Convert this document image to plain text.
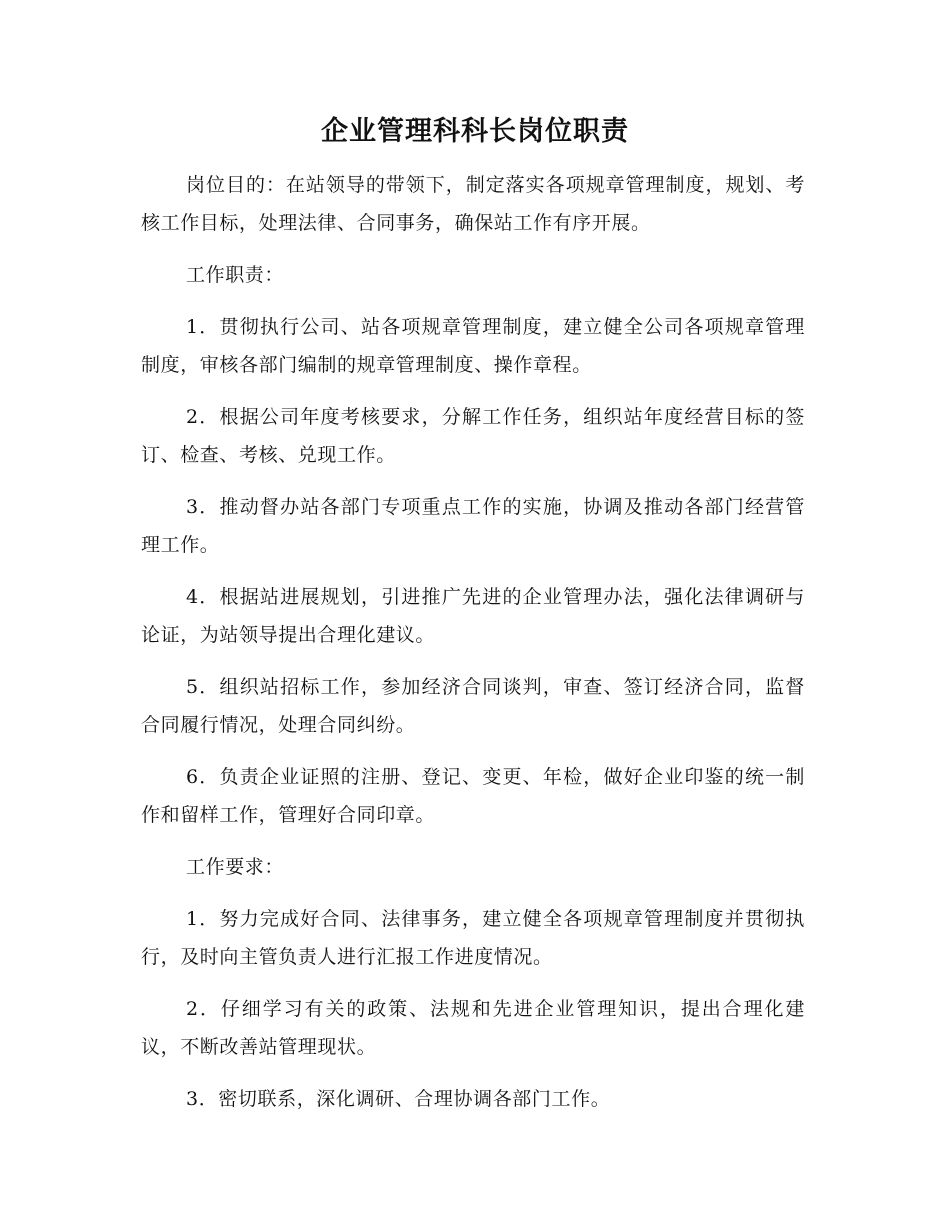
企业管理科科长岗位职责

岗位目的：在站领导的带领下，制定落实各项规章管理制度，规划、考核工作目标，处理法律、合同事务，确保站工作有序开展。

工作职责：

1．贯彻执行公司、站各项规章管理制度，建立健全公司各项规章管理制度，审核各部门编制的规章管理制度、操作章程。

2．根据公司年度考核要求，分解工作任务，组织站年度经营目标的签订、检查、考核、兑现工作。

3．推动督办站各部门专项重点工作的实施，协调及推动各部门经营管理工作。

4．根据站进展规划，引进推广先进的企业管理办法，强化法律调研与论证，为站领导提出合理化建议。

5．组织站招标工作，参加经济合同谈判，审查、签订经济合同，监督合同履行情况，处理合同纠纷。

6．负责企业证照的注册、登记、变更、年检，做好企业印鉴的统一制作和留样工作，管理好合同印章。

工作要求：

1．努力完成好合同、法律事务，建立健全各项规章管理制度并贯彻执行，及时向主管负责人进行汇报工作进度情况。

2．仔细学习有关的政策、法规和先进企业管理知识，提出合理化建议，不断改善站管理现状。

3．密切联系，深化调研、合理协调各部门工作。
